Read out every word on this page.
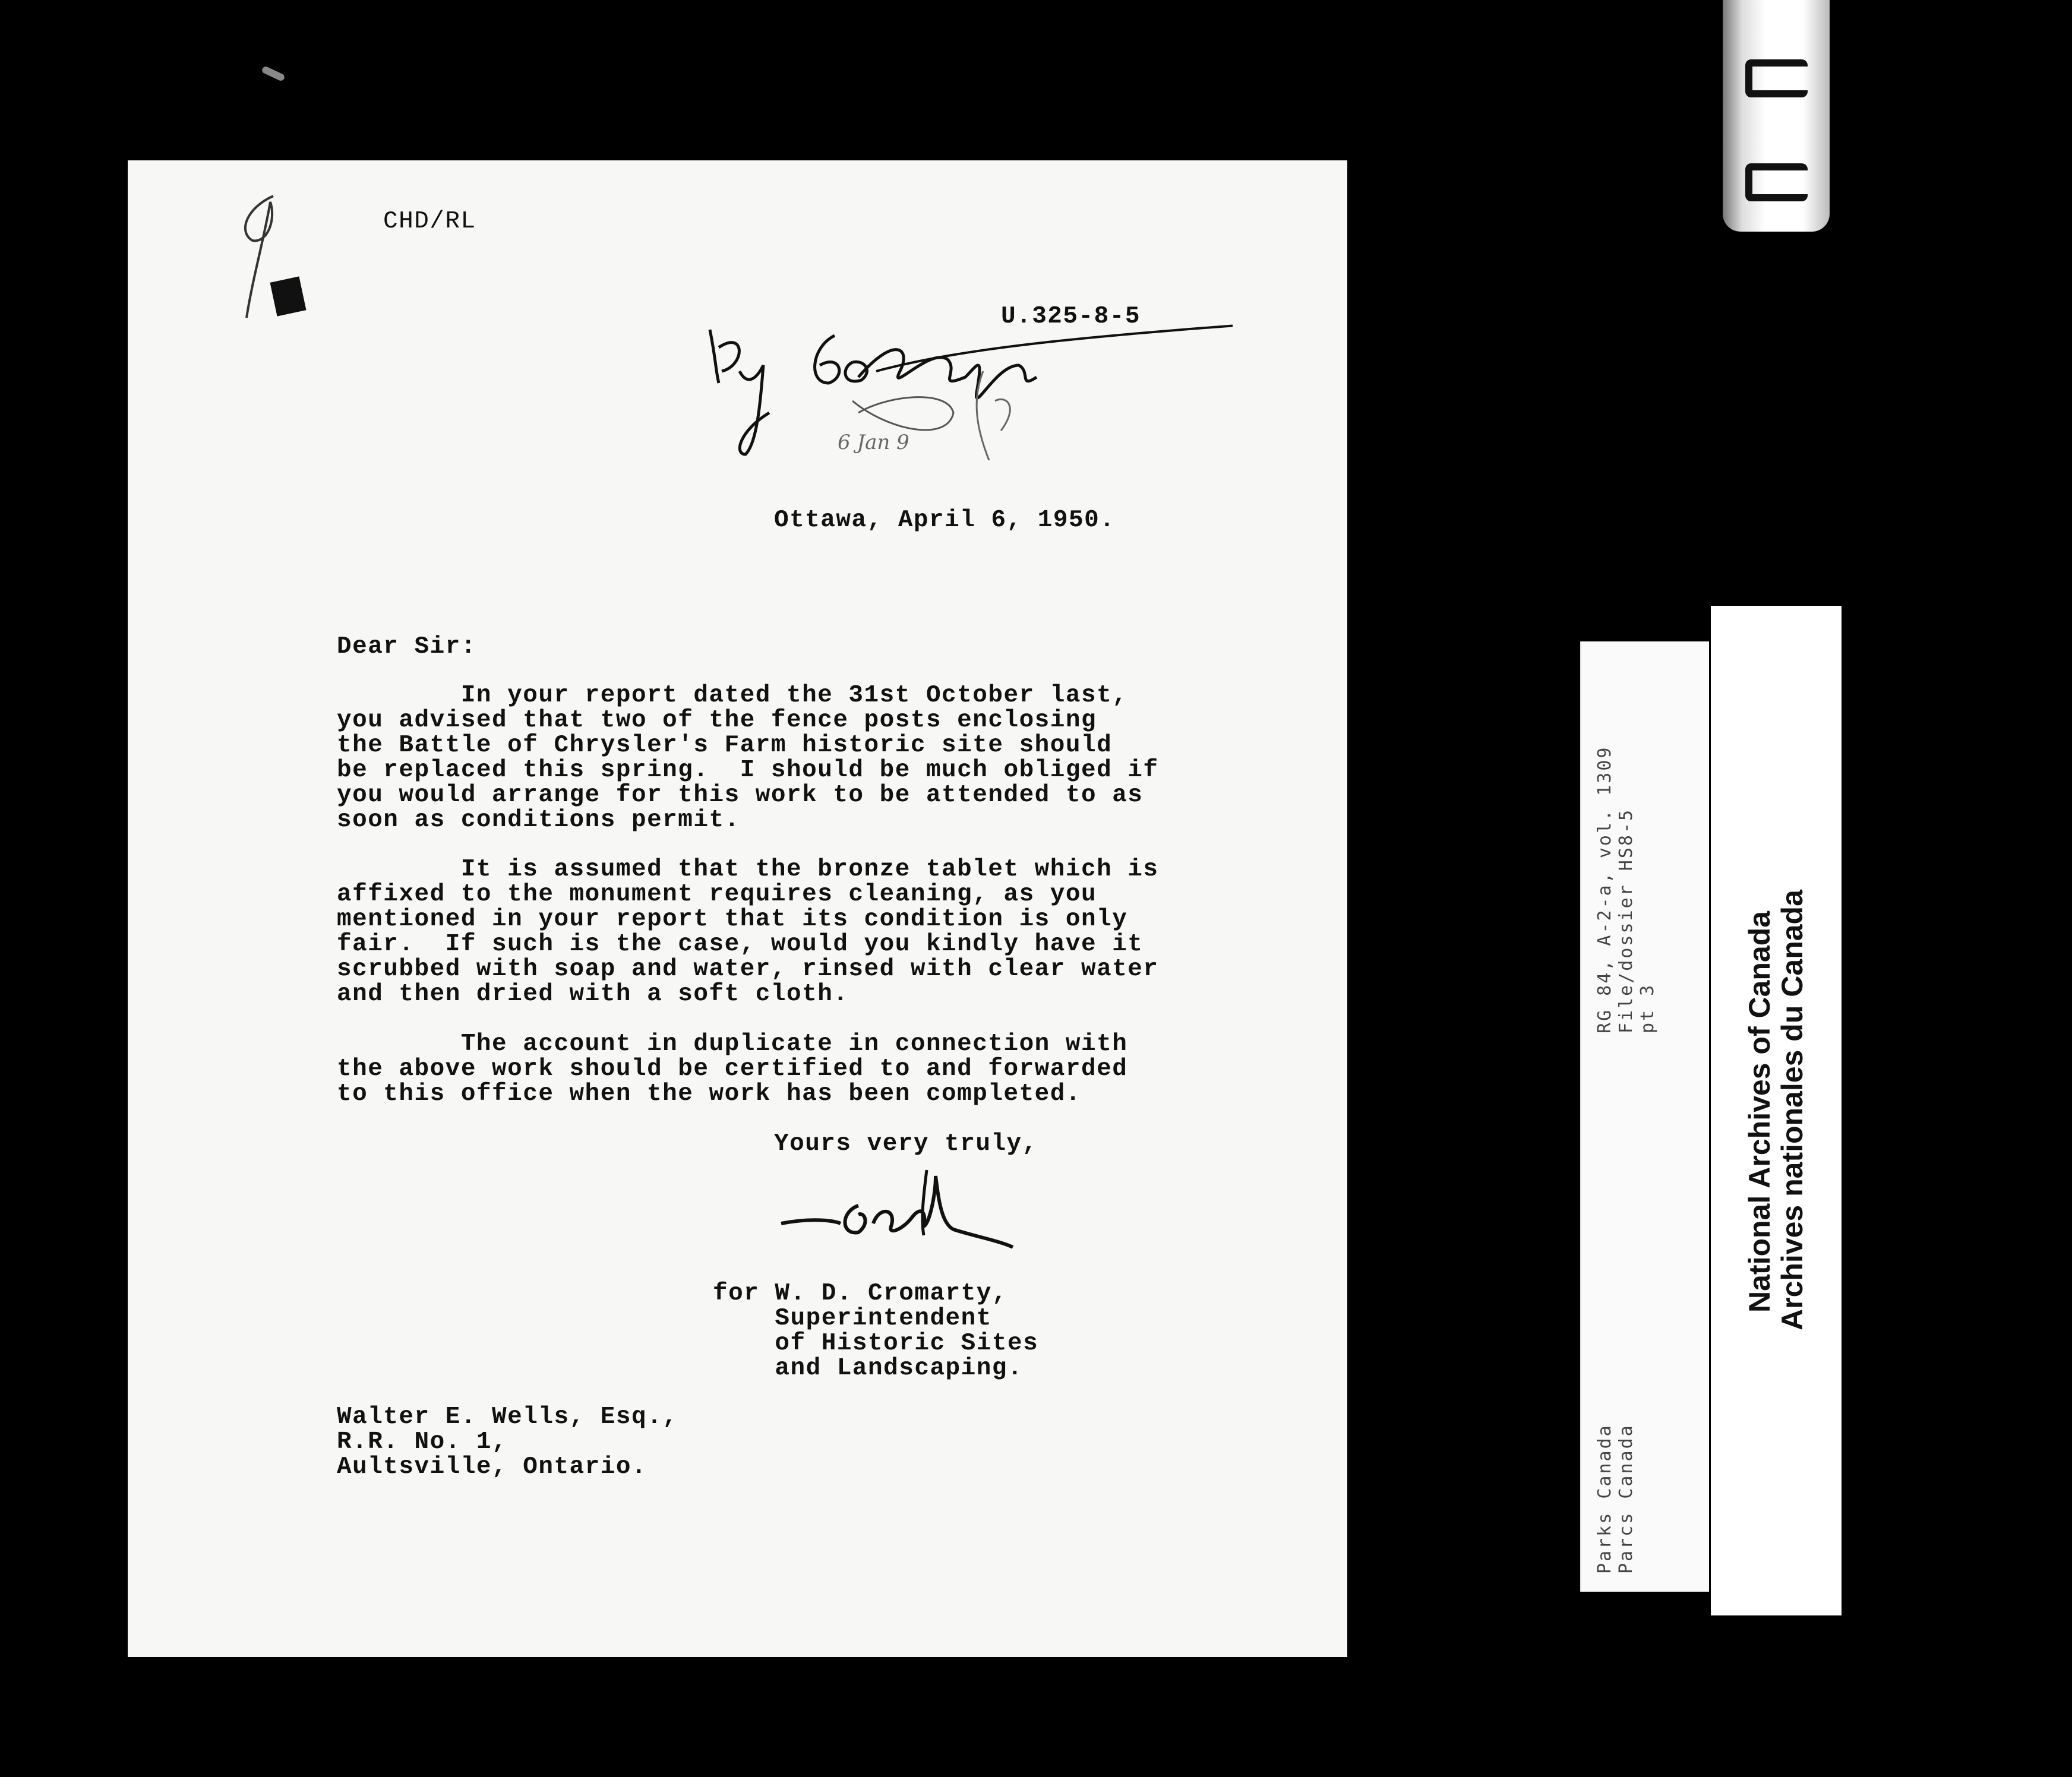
CHD/RL
U.325-8-5
6 Jan 9
Ottawa, April 6, 1950.
Dear Sir:
In your report dated the 31st October last,
you advised that two of the fence posts enclosing
the Battle of Chrysler's Farm historic site should
be replaced this spring.  I should be much obliged if
you would arrange for this work to be attended to as
soon as conditions permit.
It is assumed that the bronze tablet which is
affixed to the monument requires cleaning, as you
mentioned in your report that its condition is only
fair.  If such is the case, would you kindly have it
scrubbed with soap and water, rinsed with clear water
and then dried with a soft cloth.
The account in duplicate in connection with
the above work should be certified to and forwarded
to this office when the work has been completed.
Yours very truly,
for W. D. Cromarty,
Superintendent
of Historic Sites
and Landscaping.
Walter E. Wells, Esq.,
R.R. No. 1,
Aultsville, Ontario.
RG 84, A-2-a, vol. 1309 File/dossier HS8-5 pt 3
Parks Canada Parcs Canada
National Archives of Canada Archives nationales du Canada
